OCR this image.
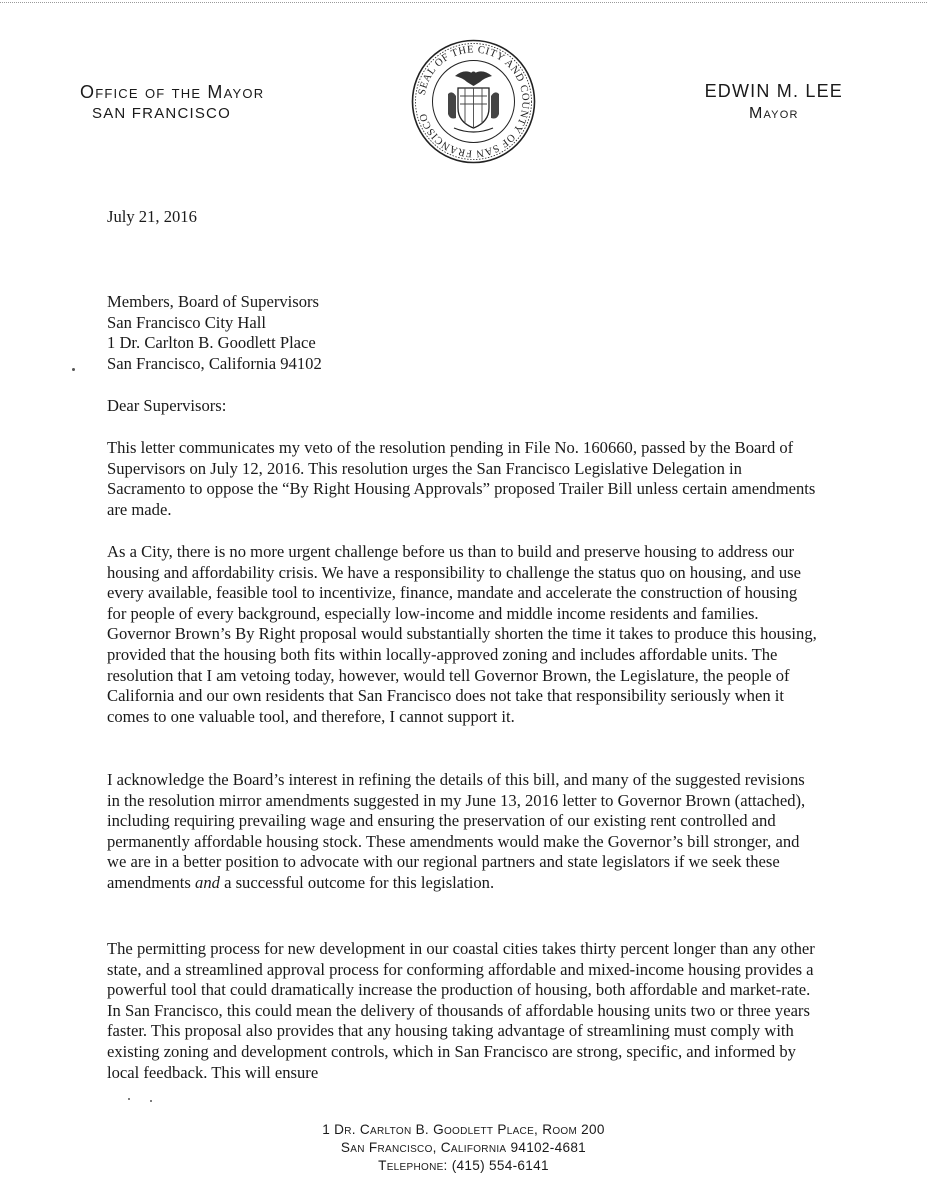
Office of the Mayor
SAN FRANCISCO
SEAL OF THE CITY AND COUNTY OF SAN FRANCISCO
EDWIN M. LEE
Mayor
July 21, 2016
Members, Board of Supervisors
San Francisco City Hall
1 Dr. Carlton B. Goodlett Place
San Francisco, California 94102
Dear Supervisors:
This letter communicates my veto of the resolution pending in File No. 160660, passed by the Board of Supervisors on July 12, 2016. This resolution urges the San Francisco Legislative Delegation in Sacramento to oppose the “By Right Housing Approvals” proposed Trailer Bill unless certain amendments are made.
As a City, there is no more urgent challenge before us than to build and preserve housing to address our housing and affordability crisis. We have a responsibility to challenge the status quo on housing, and use every available, feasible tool to incentivize, finance, mandate and accelerate the construction of housing for people of every background, especially low-income and middle income residents and families. Governor Brown’s By Right proposal would substantially shorten the time it takes to produce this housing, provided that the housing both fits within locally-approved zoning and includes affordable units. The resolution that I am vetoing today, however, would tell Governor Brown, the Legislature, the people of California and our own residents that San Francisco does not take that responsibility seriously when it comes to one valuable tool, and therefore, I cannot support it.
I acknowledge the Board’s interest in refining the details of this bill, and many of the suggested revisions in the resolution mirror amendments suggested in my June 13, 2016 letter to Governor Brown (attached), including requiring prevailing wage and ensuring the preservation of our existing rent controlled and permanently affordable housing stock. These amendments would make the Governor’s bill stronger, and we are in a better position to advocate with our regional partners and state legislators if we seek these amendments and a successful outcome for this legislation.
The permitting process for new development in our coastal cities takes thirty percent longer than any other state, and a streamlined approval process for conforming affordable and mixed-income housing provides a powerful tool that could dramatically increase the production of housing, both affordable and market-rate. In San Francisco, this could mean the delivery of thousands of affordable housing units two or three years faster. This proposal also provides that any housing taking advantage of streamlining must comply with existing zoning and development controls, which in San Francisco are strong, specific, and informed by local feedback. This will ensure
1 Dr. Carlton B. Goodlett Place, Room 200
San Francisco, California 94102-4681
Telephone: (415) 554-6141
